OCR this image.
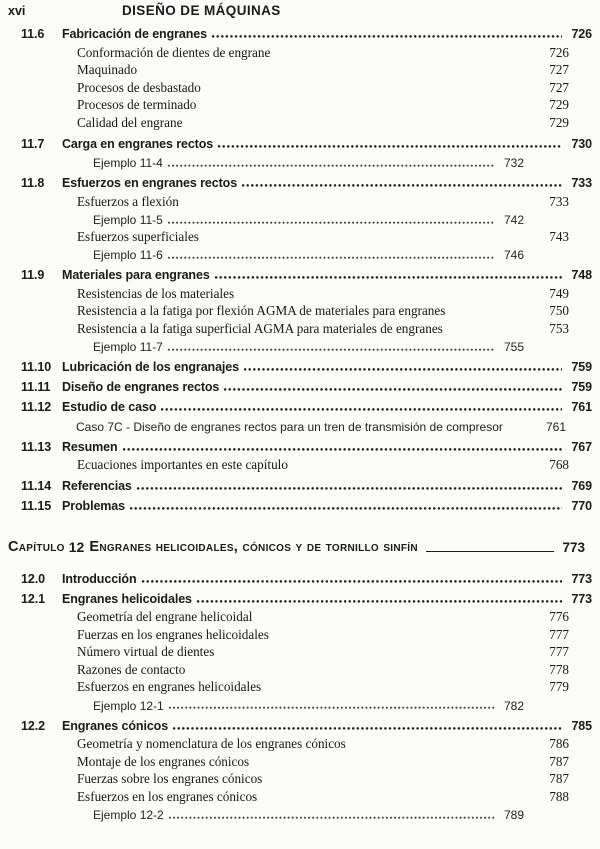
xvi	DISEÑO DE MÁQUINAS
11.6	Fabricación de engranes	726
Conformación de dientes de engrane	726
Maquinado	727
Procesos de desbastado	727
Procesos de terminado	729
Calidad del engrane	729
11.7	Carga en engranes rectos	730
Ejemplo 11-4	732
11.8	Esfuerzos en engranes rectos	733
Esfuerzos a flexión	733
Ejemplo 11-5	742
Esfuerzos superficiales	743
Ejemplo 11-6	746
11.9	Materiales para engranes	748
Resistencias de los materiales	749
Resistencia a la fatiga por flexión AGMA de materiales para engranes	750
Resistencia a la fatiga superficial AGMA para materiales de engranes	753
Ejemplo 11-7	755
11.10 Lubricación de los engranajes	759
11.11 Diseño de engranes rectos	759
11.12 Estudio de caso	761
Caso 7C - Diseño de engranes rectos para un tren de transmisión de compresor	761
11.13 Resumen	767
Ecuaciones importantes en este capítulo	768
11.14 Referencias	769
11.15 Problemas	770
Capítulo 12 Engranes helicoidales, cónicos y de tornillo sinfín	773
12.0	Introducción	773
12.1	Engranes helicoidales	773
Geometría del engrane helicoidal	776
Fuerzas en los engranes helicoidales	777
Número virtual de dientes	777
Razones de contacto	778
Esfuerzos en engranes helicoidales	779
Ejemplo 12-1	782
12.2	Engranes cónicos	785
Geometría y nomenclatura de los engranes cónicos	786
Montaje de los engranes cónicos	787
Fuerzas sobre los engranes cónicos	787
Esfuerzos en los engranes cónicos	788
Ejemplo 12-2	789
